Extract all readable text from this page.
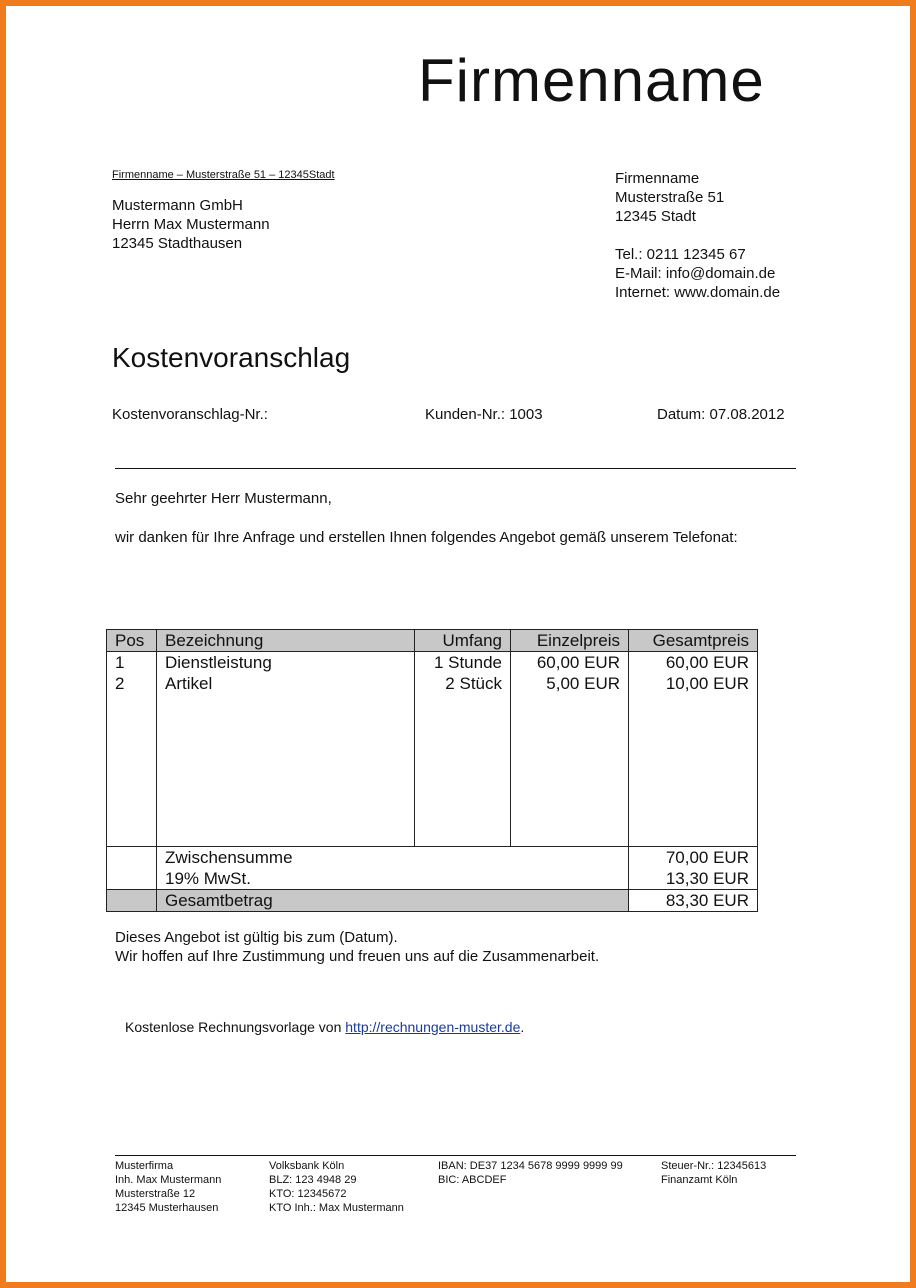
Firmenname
Firmenname – Musterstraße 51 – 12345Stadt
Mustermann GmbH
Herrn Max Mustermann
12345 Stadthausen
Firmenname
Musterstraße 51
12345 Stadt
Tel.: 0211 12345 67
E-Mail: info@domain.de
Internet: www.domain.de
Kostenvoranschlag
Kostenvoranschlag-Nr.:	Kunden-Nr.: 1003	Datum: 07.08.2012
Sehr geehrter Herr Mustermann,
wir danken für Ihre Anfrage und erstellen Ihnen folgendes Angebot gemäß unserem Telefonat:
Pos	Bezeichnung	Umfang	Einzelpreis	Gesamtpreis
1	Dienstleistung	1 Stunde	60,00 EUR	60,00 EUR
2	Artikel	2 Stück	5,00 EUR	10,00 EUR

	Zwischensumme			70,00 EUR
	19% MwSt.			13,30 EUR
	Gesamtbetrag			83,30 EUR
Dieses Angebot ist gültig bis zum (Datum).
Wir hoffen auf Ihre Zustimmung und freuen uns auf die Zusammenarbeit.
Kostenlose Rechnungsvorlage von http://rechnungen-muster.de.
Musterfirma
Inh. Max Mustermann
Musterstraße 12
12345 Musterhausen
Volksbank Köln
BLZ: 123 4948 29
KTO: 12345672
KTO Inh.: Max Mustermann
IBAN: DE37 1234 5678 9999 9999 99
BIC: ABCDEF
Steuer-Nr.: 12345613
Finanzamt Köln
